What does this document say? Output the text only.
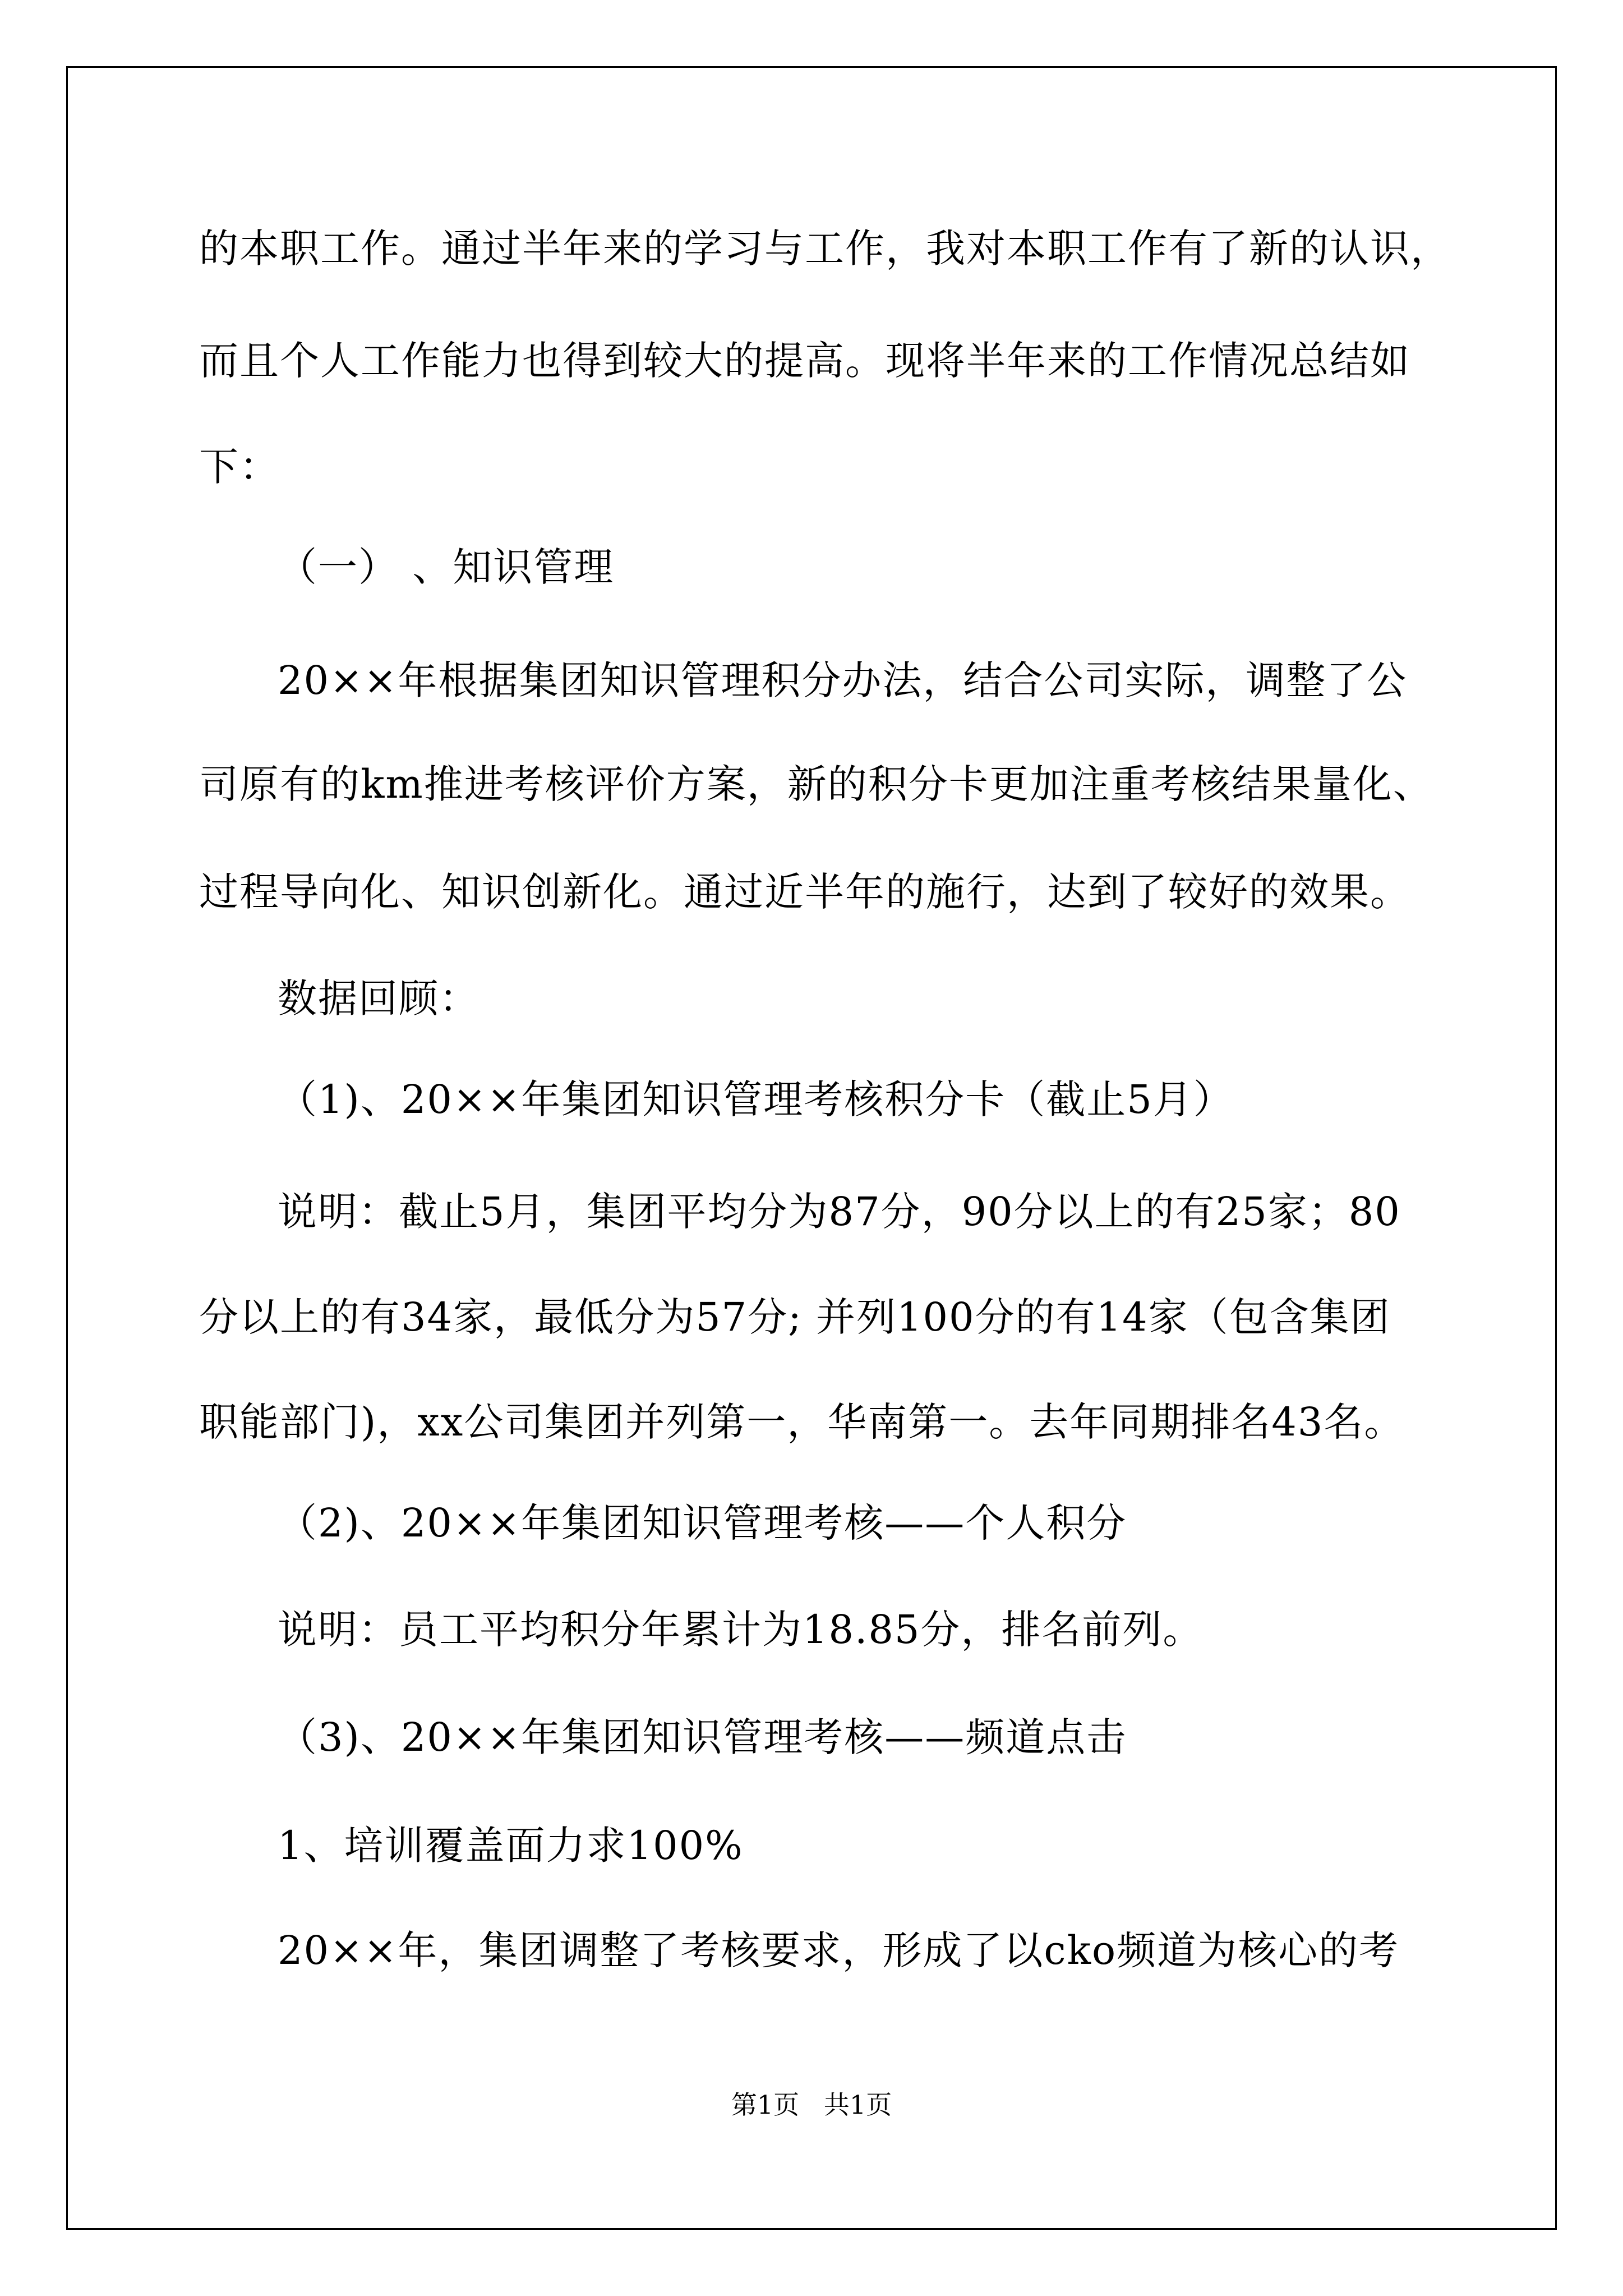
的本职工作。通过半年来的学习与工作，我对本职工作有了新的认识，
而且个人工作能力也得到较大的提高。现将半年来的工作情况总结如
下：
（一） 、知识管理
20××年根据集团知识管理积分办法，结合公司实际，调整了公
司原有的km推进考核评价方案，新的积分卡更加注重考核结果量化、
过程导向化、知识创新化。通过近半年的施行，达到了较好的效果。
数据回顾：
（1)、20××年集团知识管理考核积分卡（截止5月）
说明：截止5月，集团平均分为87分，90分以上的有25家；80
分以上的有34家，最低分为57分; 并列100分的有14家（包含集团
职能部门)，xx公司集团并列第一，华南第一。去年同期排名43名。
（2)、20××年集团知识管理考核——个人积分
说明：员工平均积分年累计为18.85分，排名前列。
（3)、20××年集团知识管理考核——频道点击
1、培训覆盖面力求100%
20××年，集团调整了考核要求，形成了以cko频道为核心的考
第1页   共1页
